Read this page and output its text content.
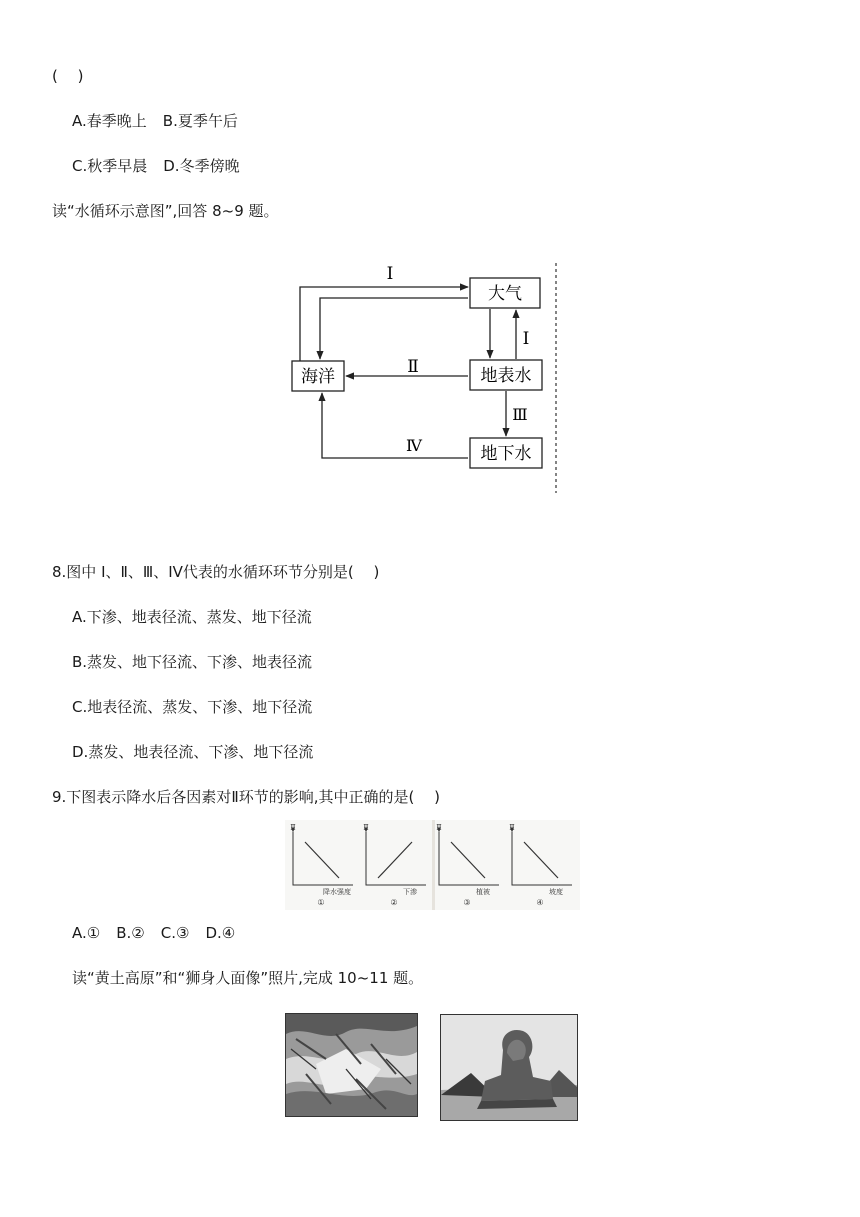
(　 )
A.春季晚上 B.夏季午后
C.秋季早晨 D.冬季傍晚
读“水循环示意图”,回答 8~9 题。
大气
海洋	地表水
地下水
I
I
Ⅱ
Ⅲ
Ⅳ
8.图中 I、Ⅱ、Ⅲ、IV代表的水循环环节分别是(　 )
A.下渗、地表径流、蒸发、地下径流
B.蒸发、地下径流、下渗、地表径流
C.地表径流、蒸发、下渗、地下径流
D.蒸发、地表径流、下渗、地下径流
9.下图表示降水后各因素对Ⅱ环节的影响,其中正确的是(　 )
Ⅱ
降水强度
①
Ⅱ
下渗
②
Ⅱ
植被
③
Ⅱ
坡度
④
A.① B.② C.③ D.④
读“黄土高原”和“狮身人面像”照片,完成 10~11 题。
